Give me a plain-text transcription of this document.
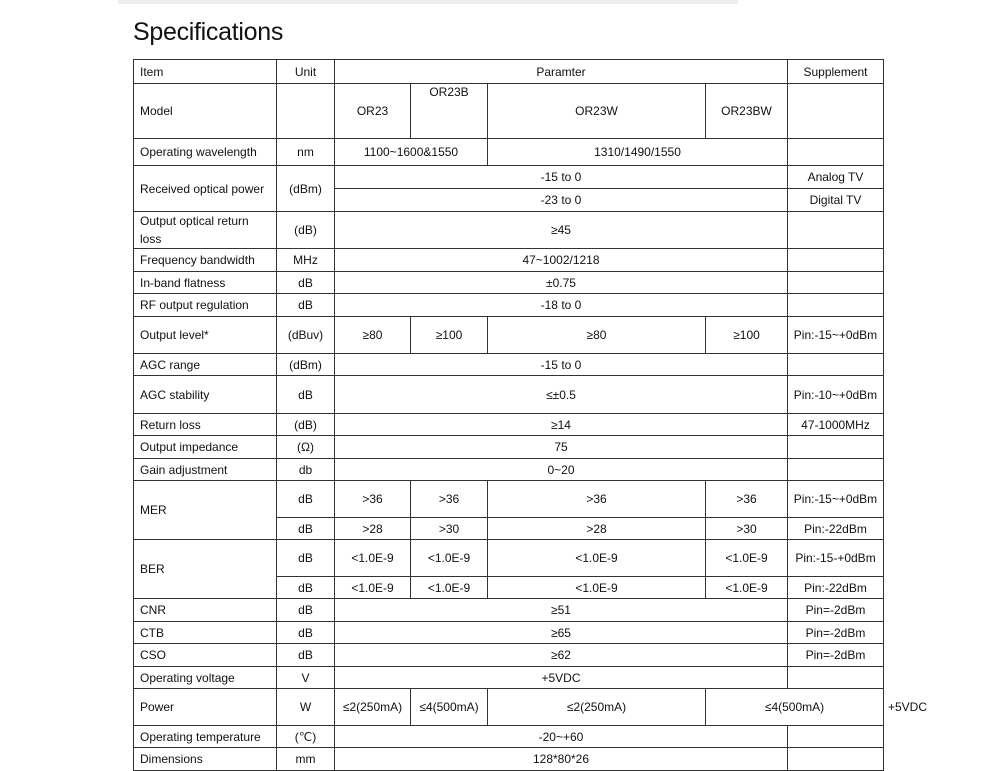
Specifications
Item	Unit	Paramter				Supplement	
Model		OR23	OR23B	OR23W	OR23BW		
Operating wavelength	nm	1100~1600&1550		1310/1490/1550			
Received optical power	(dBm)	-15 to 0				Analog TV	
		-23 to 0				Digital TV	
Output optical return loss	(dB)	≥45					
Frequency bandwidth	MHz	47~1002/1218					
In-band flatness	dB	±0.75					
RF output regulation	dB	-18 to 0					
Output level*	(dBuv)	≥80	≥100	≥80	≥100	Pin:-15~+0dBm	
AGC range	(dBm)	-15 to 0					
AGC stability	dB	≤±0.5				Pin:-10~+0dBm	
Return loss	(dB)	≥14				47-1000MHz	
Output impedance	(Ω)	75					
Gain adjustment	db	0~20					
MER	dB	>36	>36	>36	>36	Pin:-15~+0dBm	
	dB	>28	>30	>28	>30	Pin:-22dBm	
BER	dB	<1.0E-9	<1.0E-9	<1.0E-9	<1.0E-9	Pin:-15-+0dBm	
	dB	<1.0E-9	<1.0E-9	<1.0E-9	<1.0E-9	Pin:-22dBm	
CNR	dB	≥51				Pin=-2dBm	
CTB	dB	≥65				Pin=-2dBm	
CSO	dB	≥62				Pin=-2dBm	
Operating voltage	V	+5VDC					
Power	W	≤2(250mA)	≤4(500mA)	≤2(250mA)	≤4(500mA)		+5VDC
Operating temperature	(℃)	-20~+60					
Dimensions	mm	128*80*26					
